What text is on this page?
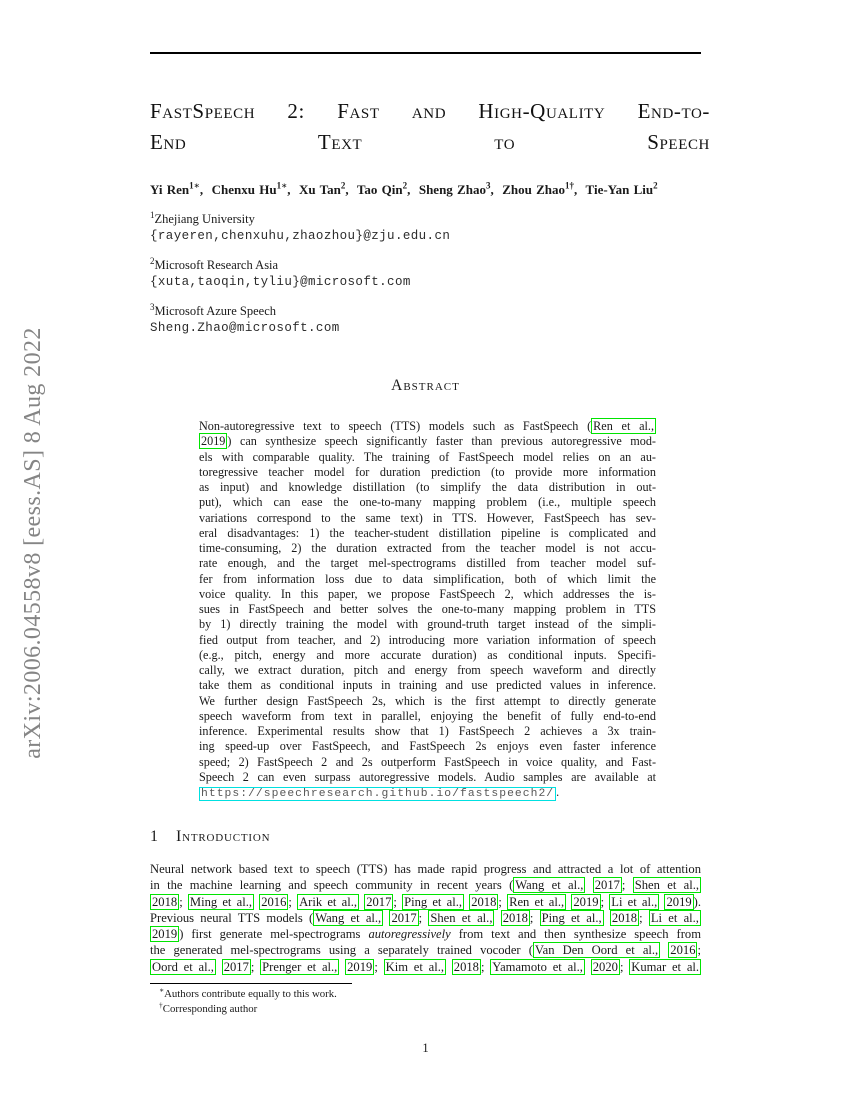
arXiv:2006.04558v8 [eess.AS] 8 Aug 2022
FastSpeech 2: Fast and High-Quality End-to-
End Text to Speech
Yi Ren$^{1∗}$,  Chenxu $Hu^{1∗}$,  Xu Tan$^2$,  Tao Qin$^2$,  Sheng Zhao$^3$,  Zhou Zhao$^{1\dagger}$,  Tie-Yan Liu$^2$
$^1$Zhejiang University
{rayeren,chenxuhu,zhaozhou}@zju.edu.cn
$^2$Microsoft Research Asia
{xuta,taoqin,tyliu}@microsoft.com
$^3$Microsoft Azure Speech
Sheng.Zhao@microsoft.com
Abstract
Non-autoregressive text to speech (TTS) models such as FastSpeech ( Ren et al.,
2019 ) can synthesize speech significantly faster than previous autoregressive mod-
els with comparable quality. The training of FastSpeech model relies on an au-
toregressive teacher model for duration prediction (to provide more information
as input) and knowledge distillation (to simplify the data distribution in out-
put), which can ease the one-to-many mapping problem (i.e., multiple speech
variations correspond to the same text) in TTS. However, FastSpeech has sev-
eral disadvantages: 1) the teacher-student distillation pipeline is complicated and
time-consuming, 2) the duration extracted from the teacher model is not accu-
rate enough, and the target mel-spectrograms distilled from teacher model suf-
fer from information loss due to data simplification, both of which limit the
voice quality. In this paper, we propose FastSpeech 2, which addresses the is-
sues in FastSpeech and better solves the one-to-many mapping problem in TTS
by 1) directly training the model with ground-truth target instead of the simpli-
fied output from teacher, and 2) introducing more variation information of speech
(e.g., pitch, energy and more accurate duration) as conditional inputs. Specifi-
cally, we extract duration, pitch and energy from speech waveform and directly
take them as conditional inputs in training and use predicted values in inference.
We further design FastSpeech 2s, which is the first attempt to directly generate
speech waveform from text in parallel, enjoying the benefit of fully end-to-end
inference. Experimental results show that 1) FastSpeech 2 achieves a 3x train-
ing speed-up over FastSpeech, and FastSpeech 2s enjoys even faster inference
speed; 2) FastSpeech 2 and 2s outperform FastSpeech in voice quality, and Fast-
Speech 2 can even surpass autoregressive models. Audio samples are available at
https://speechresearch.github.io/fastspeech2/ .
1 Introduction
Neural network based text to speech (TTS) has made rapid progress and attracted a lot of attention
in the machine learning and speech community in recent years ( Wang et al., 2017 ; Shen et al.,
2018 ; Ming et al., 2016 ; Arik et al., 2017 ; Ping et al., 2018 ; Ren et al., 2019 ; Li et al., 2019 ).
Previous neural TTS models ( Wang et al., 2017 ; Shen et al., 2018 ; Ping et al., 2018 ; Li et al.,
2019 ) first generate mel-spectrograms autoregressively from text and then synthesize speech from
the generated mel-spectrograms using a separately trained vocoder ( Van Den Oord et al., 2016 ;
Oord et al., 2017 ; Prenger et al., 2019 ; Kim et al., 2018 ; Yamamoto et al., 2020 ; Kumar et al.
∗Authors contribute equally to this work.
†Corresponding author
1
